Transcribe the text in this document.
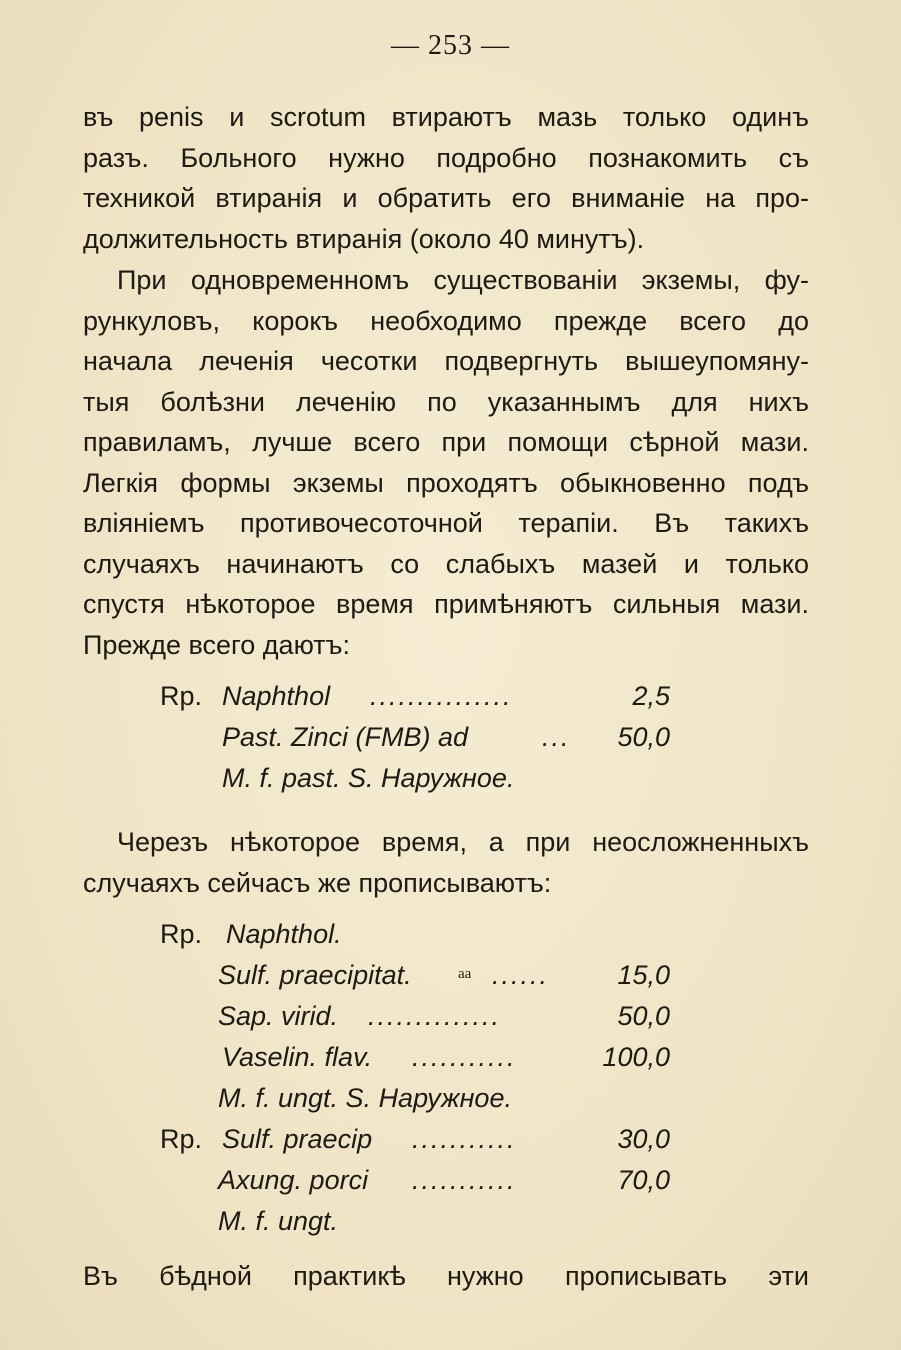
— 253 —
въ penis и scrotum втираютъ мазь только одинъ
разъ. Больного нужно подробно познакомить съ
техникой втиранія и обратить его вниманіе на про-
должительность втиранія (около 40 минутъ).
При одновременномъ существованіи экземы, фу-
рункуловъ, корокъ необходимо прежде всего до
начала леченія чесотки подвергнуть вышеупомяну-
тыя болѣзни леченію по указаннымъ для нихъ
правиламъ, лучше всего при помощи сѣрной мази.
Легкія формы экземы проходятъ обыкновенно подъ
вліяніемъ противочесоточной терапіи. Въ такихъ
случаяхъ начинаютъ со слабыхъ мазей и только
спустя нѣкоторое время примѣняютъ сильныя мази.
Прежде всего даютъ:
Rp. Naphthol ...............	2,5
Past. Zinci (FMB) ad	...	50,0
M. f. past. S. Наружное.
Черезъ нѣкоторое время, а при неосложненныхъ
случаяхъ сейчасъ же прописываютъ:
Rp. Naphthol.
Sulf. praecipitat.	aa ......	15,0
Sap. virid. ..............	50,0
Vaselin. flav. ...........	100,0
M. f. ungt. S. Наружное.
Rp. Sulf. praecip ...........	30,0
Axung. porci ...........	70,0
M. f. ungt.
Въ бѣдной практикѣ нужно прописывать эти
